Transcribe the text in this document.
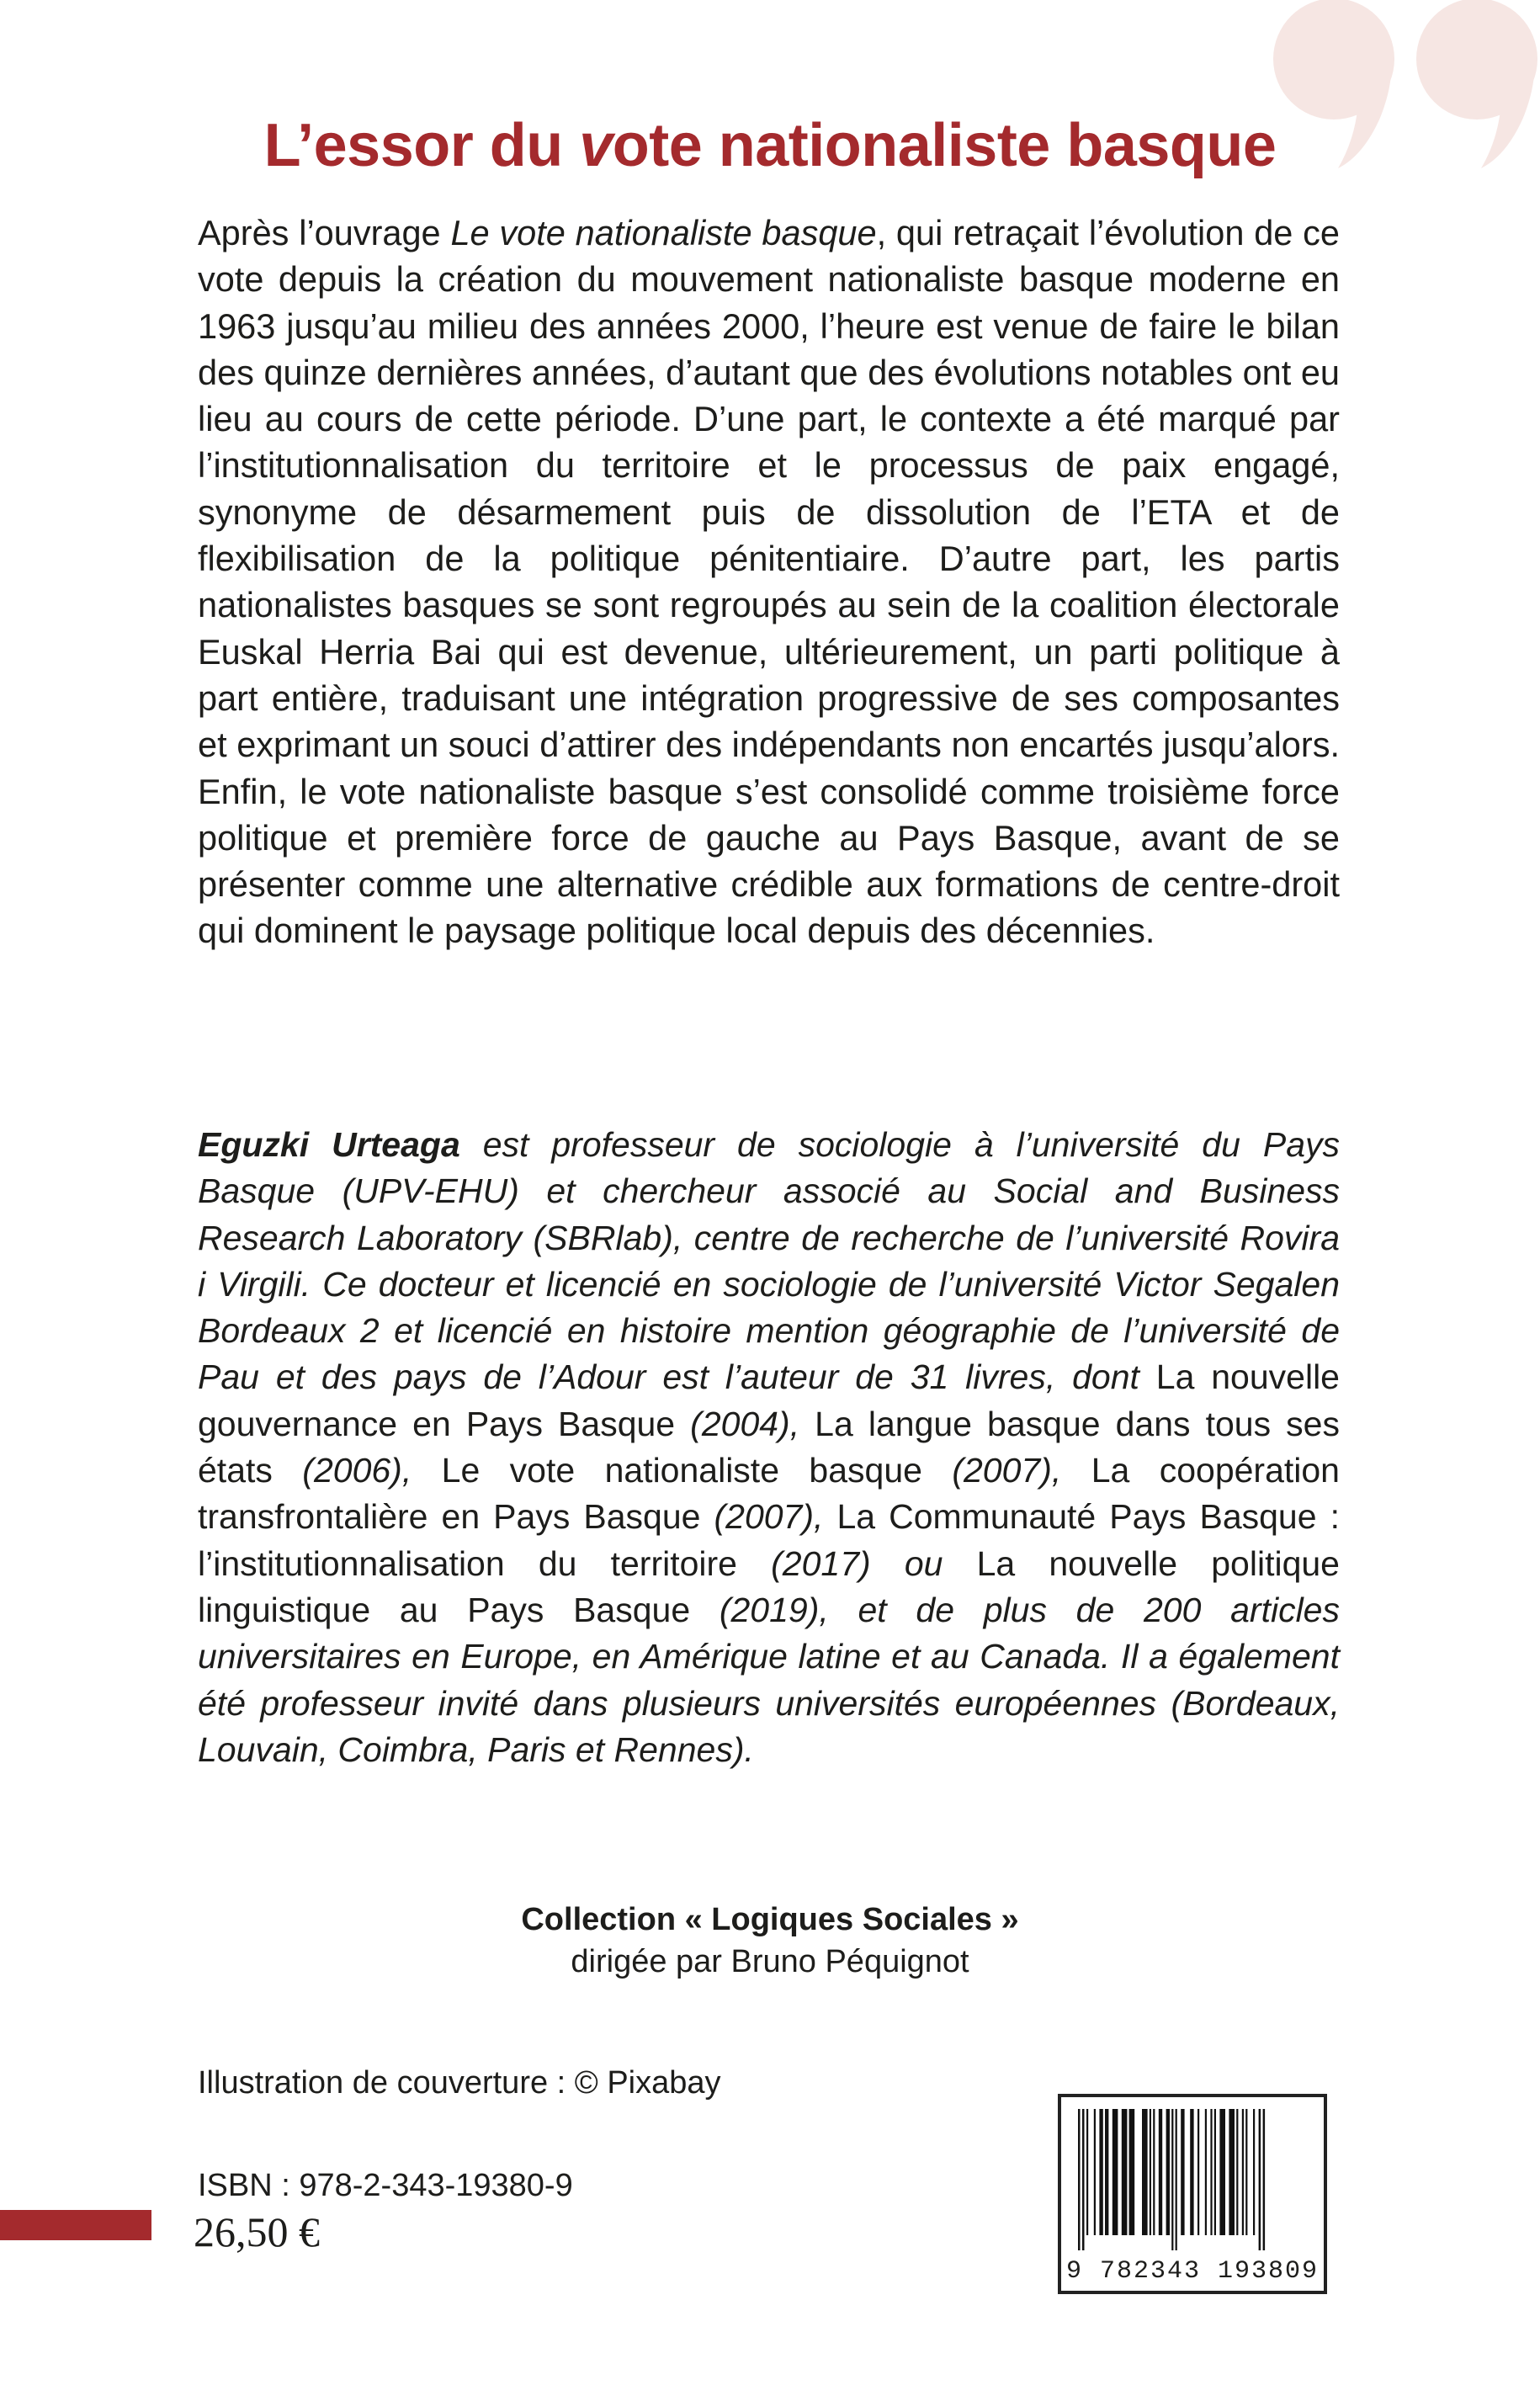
L’essor du vote nationaliste basque

Après l’ouvrage Le vote nationaliste basque, qui retraçait l’évolution de ce vote depuis la création du mouvement nationaliste basque moderne en 1963 jusqu’au milieu des années 2000, l’heure est venue de faire le bilan des quinze dernières années, d’autant que des évolutions notables ont eu lieu au cours de cette période. D’une part, le contexte a été marqué par l’institutionnalisation du territoire et le processus de paix engagé, synonyme de désarmement puis de dissolution de l’ETA et de flexibilisation de la politique pénitentiaire. D’autre part, les partis nationalistes basques se sont regroupés au sein de la coalition électorale Euskal Herria Bai qui est devenue, ultérieurement, un parti politique à part entière, traduisant une intégration progressive de ses composantes et exprimant un souci d’attirer des indépendants non encartés jusqu’alors. Enfin, le vote nationaliste basque s’est consolidé comme troisième force politique et première force de gauche au Pays Basque, avant de se présenter comme une alternative crédible aux formations de centre-droit qui dominent le paysage politique local depuis des décennies.

Eguzki Urteaga est professeur de sociologie à l’université du Pays Basque (UPV-EHU) et chercheur associé au Social and Business Research Laboratory (SBRlab), centre de recherche de l’université Rovira i Virgili. Ce docteur et licencié en sociologie de l’université Victor Segalen Bordeaux 2 et licencié en histoire mention géographie de l’université de Pau et des pays de l’Adour est l’auteur de 31 livres, dont La nouvelle gouvernance en Pays Basque (2004), La langue basque dans tous ses états (2006), Le vote nationaliste basque (2007), La coopération transfrontalière en Pays Basque (2007), La Communauté Pays Basque : l’institutionnalisation du territoire (2017) ou La nouvelle politique linguistique au Pays Basque (2019), et de plus de 200 articles universitaires en Europe, en Amérique latine et au Canada. Il a également été professeur invité dans plusieurs universités européennes (Bordeaux, Louvain, Coimbra, Paris et Rennes).

Collection « Logiques Sociales »
dirigée par Bruno Péquignot
Illustration de couverture : © Pixabay
ISBN : 978-2-343-19380-9
26,50 €
9 782343 193809
